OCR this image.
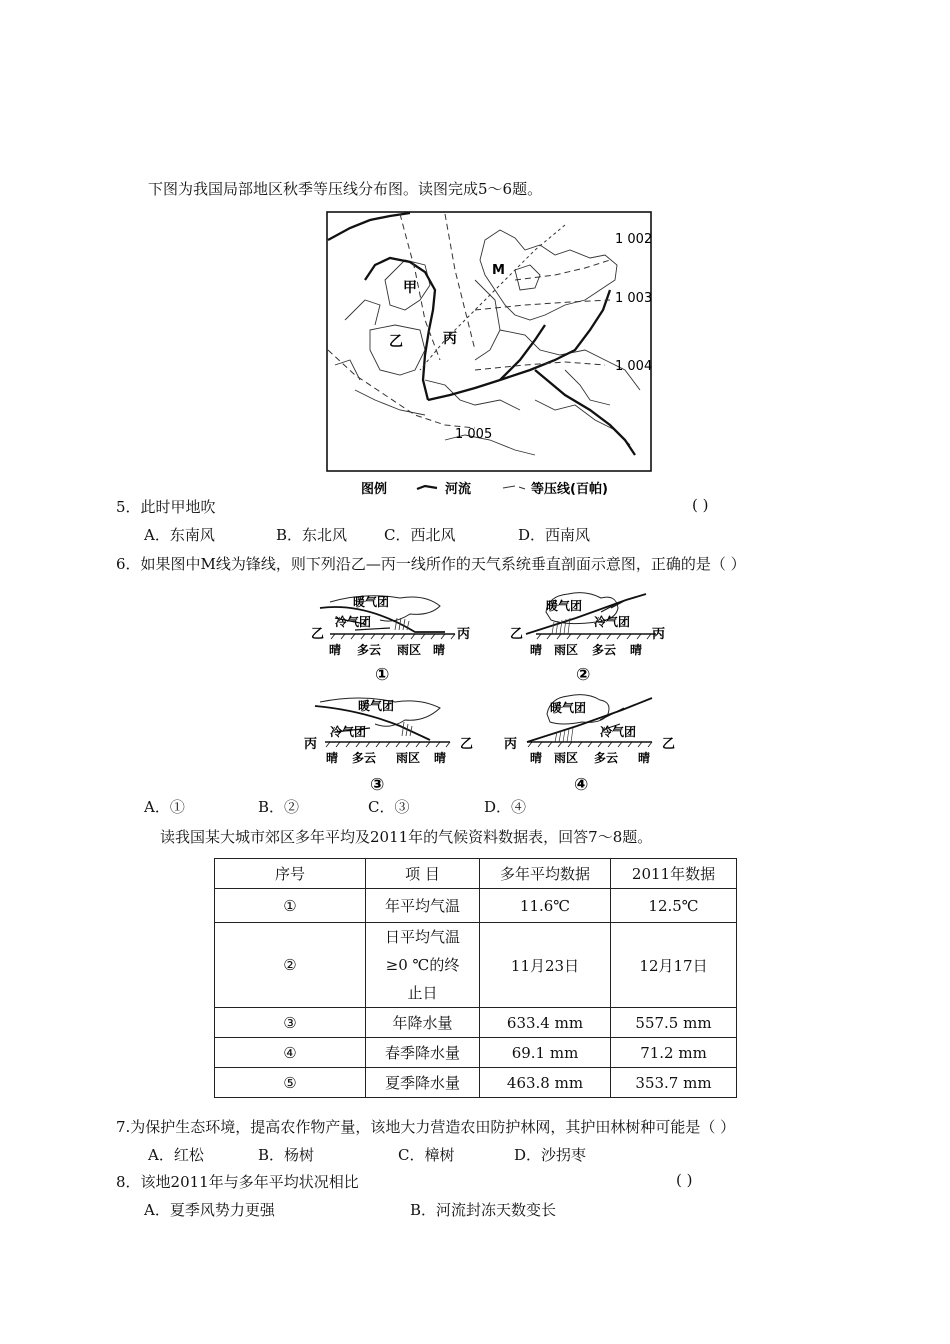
下图为我国局部地区秋季等压线分布图。读图完成5～6题。
1 002
1 003
1 004
1 005
M
甲
乙	丙
图例	河流	等压线(百帕)
5．此时甲地吹	( )
A．东南风	B．东北风 C．西北风	D．西南风
6．如果图中M线为锋线，则下列沿乙—丙一线所作的天气系统垂直剖面示意图，正确的是（ ）
暖气团
冷气团
乙	丙
晴 多云 雨区 晴
①
暖气团
冷气团
乙	丙
晴 雨区 多云 晴
②
暖气团
冷气团
丙	乙
晴 多云 雨区 晴
③
暖气团
冷气团
丙	乙
晴 雨区 多云 晴
④
A．①	B．②	C．③	D．④
读我国某大城市郊区多年平均及2011年的气候资料数据表，回答7～8题。
序号	项 目	多年平均数据	2011年数据
①	年平均气温	11.6℃	12.5℃
②	日平均气温
≥0 ℃的终
止日	11月23日	12月17日
③	年降水量	633.4 mm	557.5 mm
④	春季降水量	69.1 mm	71.2 mm
⑤	夏季降水量	463.8 mm	353.7 mm
7.为保护生态环境，提高农作物产量，该地大力营造农田防护林网，其护田林树种可能是（ ）
A．红松	B．杨树	C．樟树	D．沙拐枣
8．该地2011年与多年平均状况相比	( )
A．夏季风势力更强	B．河流封冻天数变长
